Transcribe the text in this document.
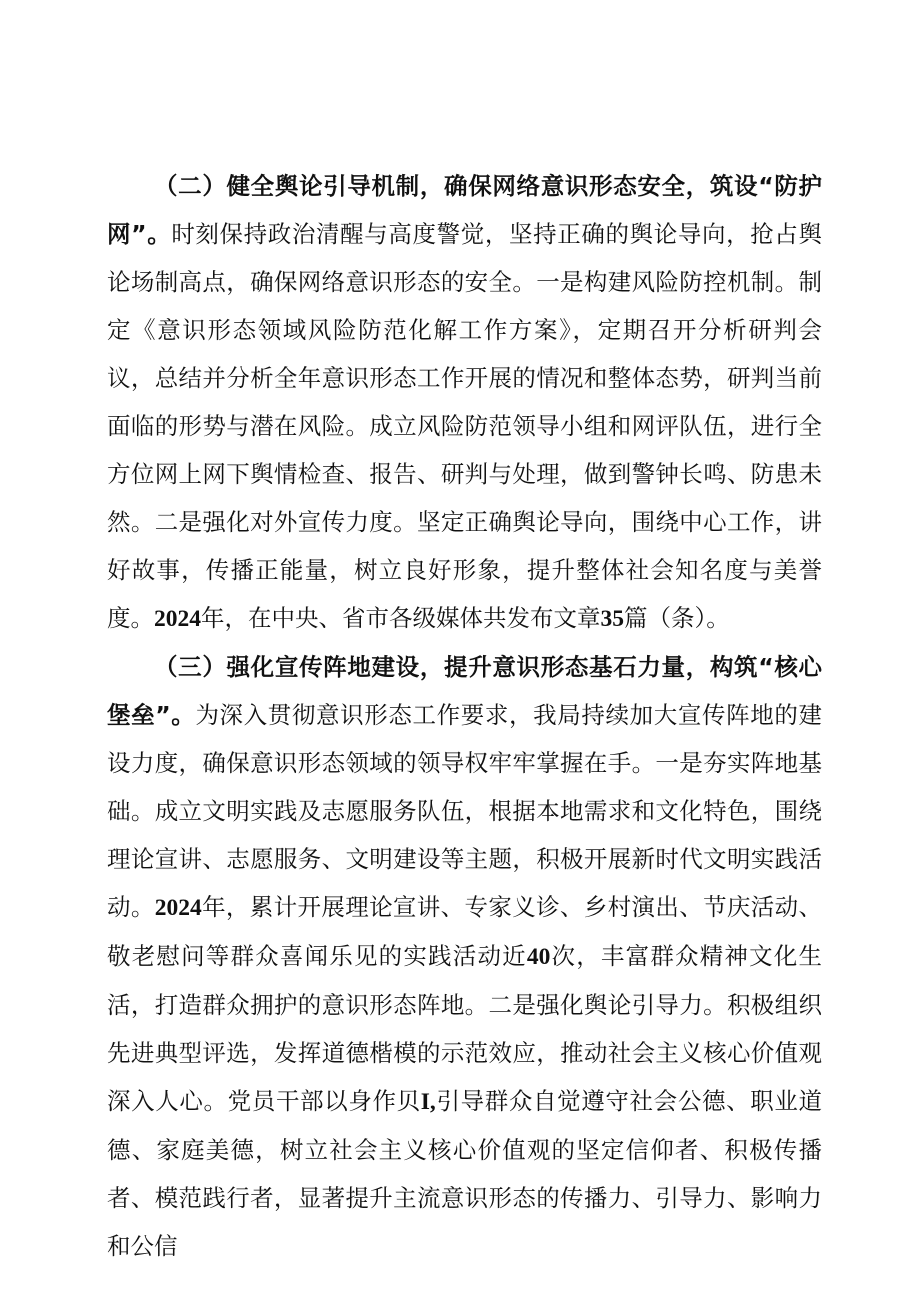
（二）健全舆论引导机制，确保网络意识形态安全，筑设“防护网”。时刻保持政治清醒与高度警觉，坚持正确的舆论导向，抢占舆论场制高点，确保网络意识形态的安全。一是构建风险防控机制。制定《意识形态领域风险防范化解工作方案》，定期召开分析研判会议，总结并分析全年意识形态工作开展的情况和整体态势，研判当前面临的形势与潜在风险。成立风险防范领导小组和网评队伍，进行全方位网上网下舆情检查、报告、研判与处理，做到警钟长鸣、防患未然。二是强化对外宣传力度。坚定正确舆论导向，围绕中心工作，讲好故事，传播正能量，树立良好形象，提升整体社会知名度与美誉度。2024年，在中央、省市各级媒体共发布文章35篇（条）。

（三）强化宣传阵地建设，提升意识形态基石力量，构筑“核心堡垒”。为深入贯彻意识形态工作要求，我局持续加大宣传阵地的建设力度，确保意识形态领域的领导权牢牢掌握在手。一是夯实阵地基础。成立文明实践及志愿服务队伍，根据本地需求和文化特色，围绕理论宣讲、志愿服务、文明建设等主题，积极开展新时代文明实践活动。2024年，累计开展理论宣讲、专家义诊、乡村演出、节庆活动、敬老慰问等群众喜闻乐见的实践活动近40次，丰富群众精神文化生活，打造群众拥护的意识形态阵地。二是强化舆论引导力。积极组织先进典型评选，发挥道德楷模的示范效应，推动社会主义核心价值观深入人心。党员干部以身作贝I,引导群众自觉遵守社会公德、职业道德、家庭美德，树立社会主义核心价值观的坚定信仰者、积极传播者、模范践行者，显著提升主流意识形态的传播力、引导力、影响力和公信
